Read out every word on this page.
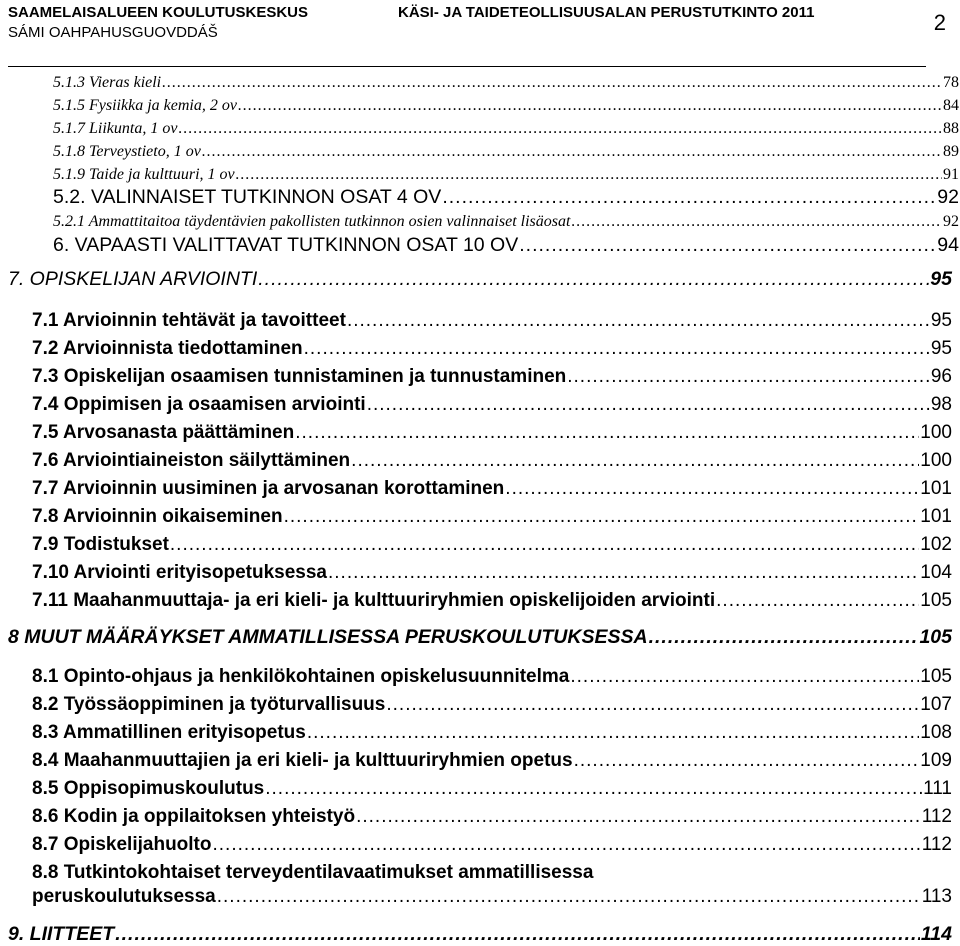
SAAMELAISALUEEN KOULUTUSKESKUS
SÁMI OAHPAHUSGUOVDDÁŠ
KÄSI- JA TAIDETEOLLISUUSALAN PERUSTUTKINTO 2011	2
5.1.3 Vieras kieli .....	78
5.1.5 Fysiikka ja kemia, 2 ov .....	84
5.1.7 Liikunta, 1 ov .....	88
5.1.8 Terveystieto, 1 ov .....	89
5.1.9 Taide ja kulttuuri, 1 ov .....	91
5.2. VALINNAISET TUTKINNON OSAT 4 OV .....	92
5.2.1 Ammattitaitoa täydentävien pakollisten tutkinnon osien valinnaiset lisäosat .....	92
6. VAPAASTI VALITTAVAT TUTKINNON OSAT 10 OV .....	94
7. OPISKELIJAN ARVIOINTI .....	95
7.1 Arvioinnin tehtävät ja tavoitteet .....	95
7.2 Arvioinnista tiedottaminen .....	95
7.3 Opiskelijan osaamisen tunnistaminen ja tunnustaminen .....	96
7.4 Oppimisen ja osaamisen arviointi .....	98
7.5 Arvosanasta päättäminen .....	100
7.6 Arviointiaineiston säilyttäminen .....	100
7.7 Arvioinnin uusiminen ja arvosanan korottaminen .....	101
7.8 Arvioinnin oikaiseminen .....	101
7.9 Todistukset .....	102
7.10 Arviointi erityisopetuksessa .....	104
7.11 Maahanmuuttaja- ja eri kieli- ja kulttuuriryhmien opiskelijoiden arviointi .....	105
8 MUUT MÄÄRÄYKSET AMMATILLISESSA PERUSKOULUTUKSESSA .....	105
8.1 Opinto-ohjaus ja henkilökohtainen opiskelusuunnitelma .....	105
8.2 Työssäoppiminen ja työturvallisuus .....	107
8.3 Ammatillinen erityisopetus .....	108
8.4 Maahanmuuttajien ja eri kieli- ja kulttuuriryhmien opetus .....	109
8.5 Oppisopimuskoulutus .....	111
8.6 Kodin ja oppilaitoksen yhteistyö .....	112
8.7 Opiskelijahuolto .....	112
8.8 Tutkintokohtaiset terveydentilavaatimukset ammatillisessa
peruskoulutuksessa .....	113
9. LIITTEET .....	114
